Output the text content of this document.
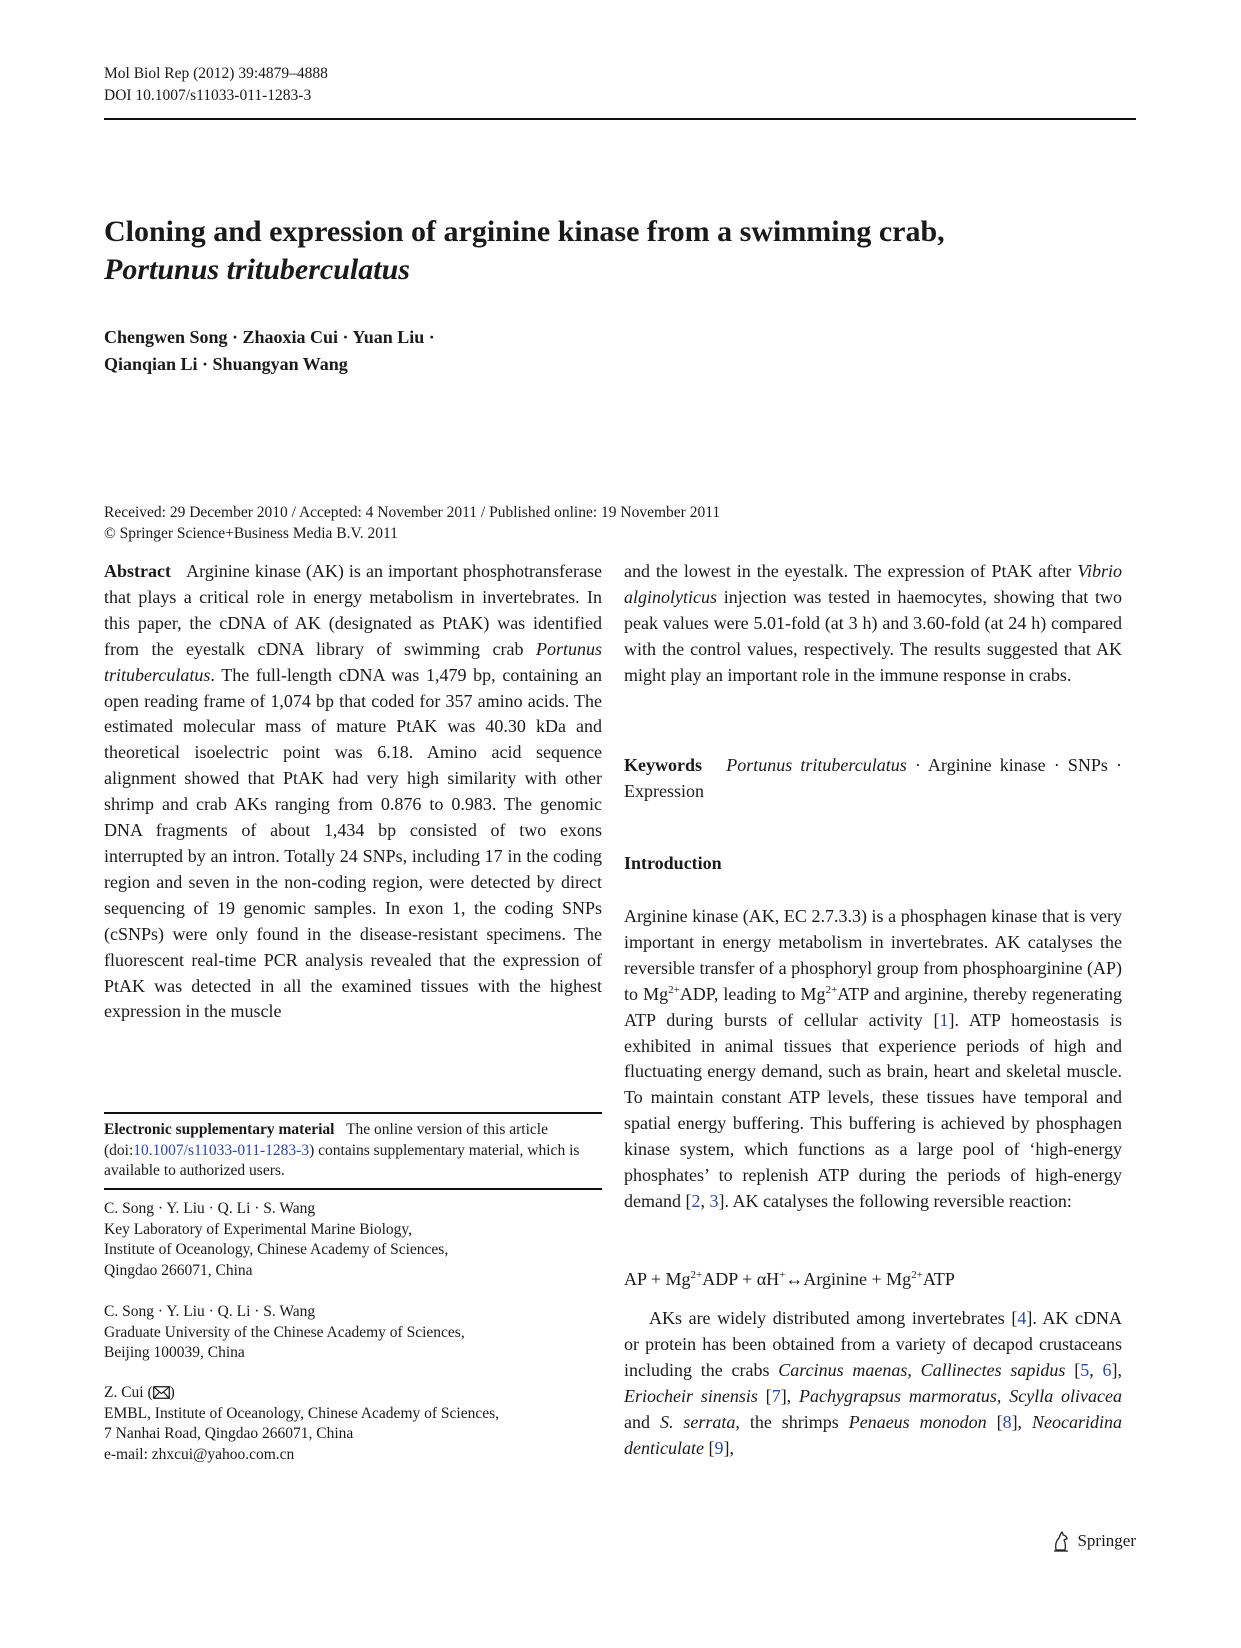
Mol Biol Rep (2012) 39:4879–4888
DOI 10.1007/s11033-011-1283-3
Cloning and expression of arginine kinase from a swimming crab,
Portunus trituberculatus
Chengwen Song · Zhaoxia Cui · Yuan Liu ·
Qianqian Li · Shuangyan Wang
Received: 29 December 2010 / Accepted: 4 November 2011 / Published online: 19 November 2011
© Springer Science+Business Media B.V. 2011

Abstract Arginine kinase (AK) is an important phosphotransferase that plays a critical role in energy metabolism in invertebrates. In this paper, the cDNA of AK (designated as PtAK) was identified from the eyestalk cDNA library of swimming crab Portunus trituberculatus. The full-length cDNA was 1,479 bp, containing an open reading frame of 1,074 bp that coded for 357 amino acids. The estimated molecular mass of mature PtAK was 40.30 kDa and theoretical isoelectric point was 6.18. Amino acid sequence alignment showed that PtAK had very high similarity with other shrimp and crab AKs ranging from 0.876 to 0.983. The genomic DNA fragments of about 1,434 bp consisted of two exons interrupted by an intron. Totally 24 SNPs, including 17 in the coding region and seven in the non-coding region, were detected by direct sequencing of 19 genomic samples. In exon 1, the coding SNPs (cSNPs) were only found in the disease-resistant specimens. The fluorescent real-time PCR analysis revealed that the expression of PtAK was detected in all the examined tissues with the highest expression in the muscle

and the lowest in the eyestalk. The expression of PtAK after Vibrio alginolyticus injection was tested in haemocytes, showing that two peak values were 5.01-fold (at 3 h) and 3.60-fold (at 24 h) compared with the control values, respectively. The results suggested that AK might play an important role in the immune response in crabs.

Keywords Portunus trituberculatus · Arginine kinase · SNPs · Expression

Introduction

Arginine kinase (AK, EC 2.7.3.3) is a phosphagen kinase that is very important in energy metabolism in invertebrates. AK catalyses the reversible transfer of a phosphoryl group from phosphoarginine (AP) to $Mg^{2+}ADP$, leading to $Mg^{2+}ATP$ and arginine, thereby regenerating ATP during bursts of cellular activity [1]. ATP homeostasis is exhibited in animal tissues that experience periods of high and fluctuating energy demand, such as brain, heart and skeletal muscle. To maintain constant ATP levels, these tissues have temporal and spatial energy buffering. This buffering is achieved by phosphagen kinase system, which functions as a large pool of ‘high-energy phosphates’ to replenish ATP during the periods of high-energy demand [2, 3]. AK catalyses the following reversible reaction:

AP + $Mg^{2+}ADP$ + αH+↔Arginine + $Mg^{2+}ATP$

AKs are widely distributed among invertebrates [4]. AK cDNA or protein has been obtained from a variety of decapod crustaceans including the crabs Carcinus maenas, Callinectes sapidus [5, 6], Eriocheir sinensis [7], Pachygrapsus marmoratus, Scylla olivacea and S. serrata, the shrimps Penaeus monodon [8], Neocaridina denticulate [9],

Electronic supplementary material The online version of this article (doi:10.1007/s11033-011-1283-3) contains supplementary material, which is available to authorized users.

C. Song · Y. Liu · Q. Li · S. Wang

Key Laboratory of Experimental Marine Biology,

Institute of Oceanology, Chinese Academy of Sciences,

Qingdao 266071, China

C. Song · Y. Liu · Q. Li · S. Wang

Graduate University of the Chinese Academy of Sciences,

Beijing 100039, China

Z. Cui ( )

EMBL, Institute of Oceanology, Chinese Academy of Sciences,

7 Nanhai Road, Qingdao 266071, China

e-mail: zhxcui@yahoo.com.cn

Springer
